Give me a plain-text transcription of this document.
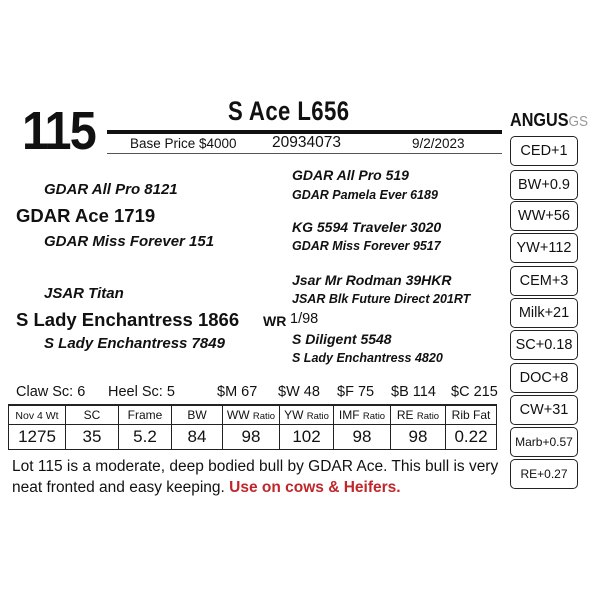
115	S Ace L656
Base Price $4000 20934073	9/2/2023
ANGUSGS
CED+1
BW+0.9
WW+56
YW+112
CEM+3
Milk+21
SC+0.18
DOC+8
CW+31
Marb+0.57
RE+0.27
GDAR All Pro 8121
GDAR Ace 1719
GDAR Miss Forever 151
GDAR All Pro 519
GDAR Pamela Ever 6189
KG 5594 Traveler 3020
GDAR Miss Forever 9517
JSAR Titan
S Lady Enchantress 1866 WR 1/98
S Lady Enchantress 7849
Jsar Mr Rodman 39HKR
JSAR Blk Future Direct 201RT
S Diligent 5548
S Lady Enchantress 4820
Claw Sc: 6 Heel Sc: 5	$M 67 $W 48 $F 75 $B 114 $C 215
Nov 4 Wt	SC	Frame	BW	WW Ratio	YW Ratio	IMF Ratio	RE Ratio	Rib Fat
1275	35	5.2	84	98	102	98	98	0.22
Lot 115 is a moderate, deep bodied bull by GDAR Ace. This bull is very neat fronted and easy keeping. Use on cows & Heifers.
